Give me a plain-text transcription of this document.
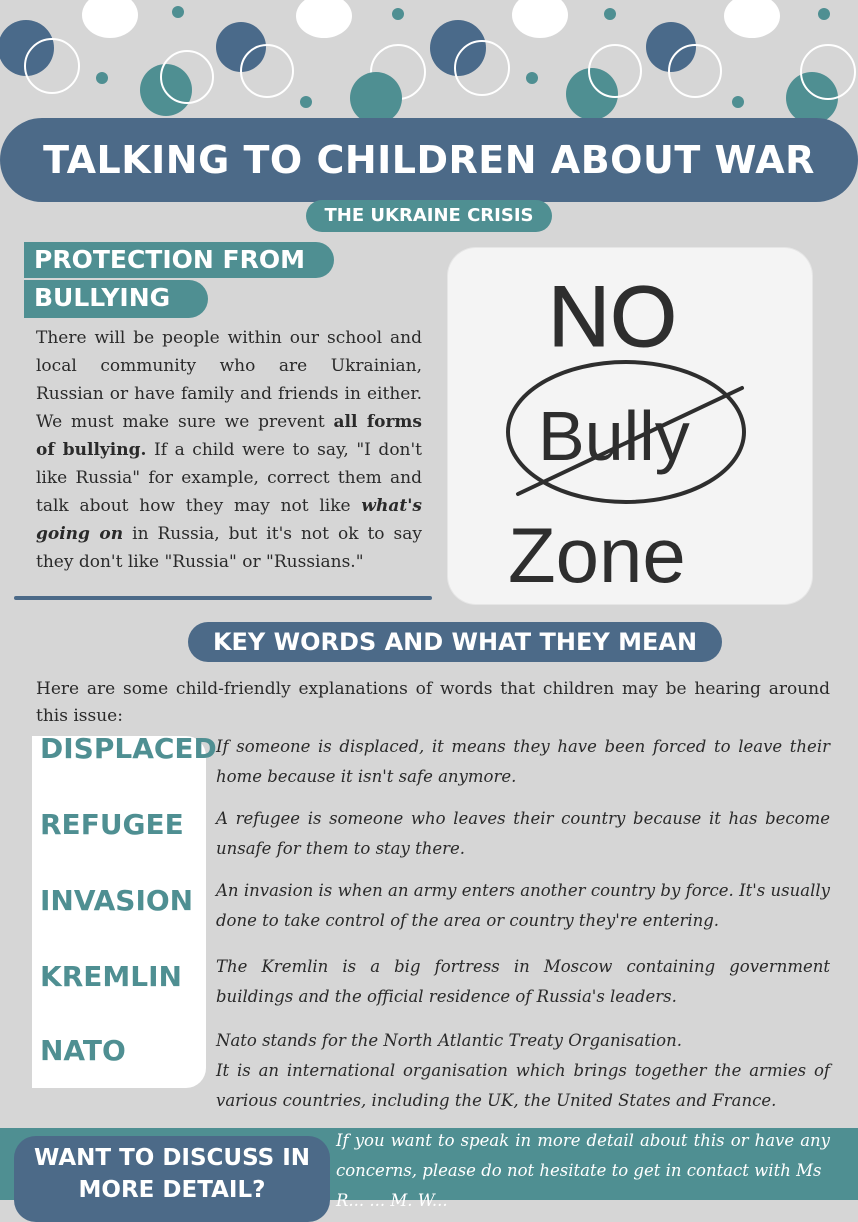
TALKING TO CHILDREN ABOUT WAR
THE UKRAINE CRISIS
PROTECTION FROM
BULLYING
There will be people within our school and local community who are Ukrainian, Russian or have family and friends in either. We must make sure we prevent all forms of bullying. If a child were to say, "I don't like Russia" for example, correct them and talk about how they may not like what's going on in Russia, but it's not ok to say they don't like "Russia" or "Russians."
NO
Bully
Zone
KEY WORDS AND WHAT THEY MEAN
Here are some child-friendly explanations of words that children may be hearing around this issue:
DISPLACED If someone is displaced, it means they have been forced to leave their home because it isn't safe anymore.
REFUGEE A refugee is someone who leaves their country because it has become unsafe for them to stay there.
INVASION An invasion is when an army enters another country by force. It's usually done to take control of the area or country they're entering.
KREMLIN The Kremlin is a big fortress in Moscow containing government buildings and the official residence of Russia's leaders.
NATO	Nato stands for the North Atlantic Treaty Organisation.
It is an international organisation which brings together the armies of various countries, including the UK, the United States and France.
WANT TO DISCUSS IN
MORE DETAIL?
If you want to speak in more detail about this or have any concerns, please do not hesitate to get in contact with Ms
R... ... M. W...
